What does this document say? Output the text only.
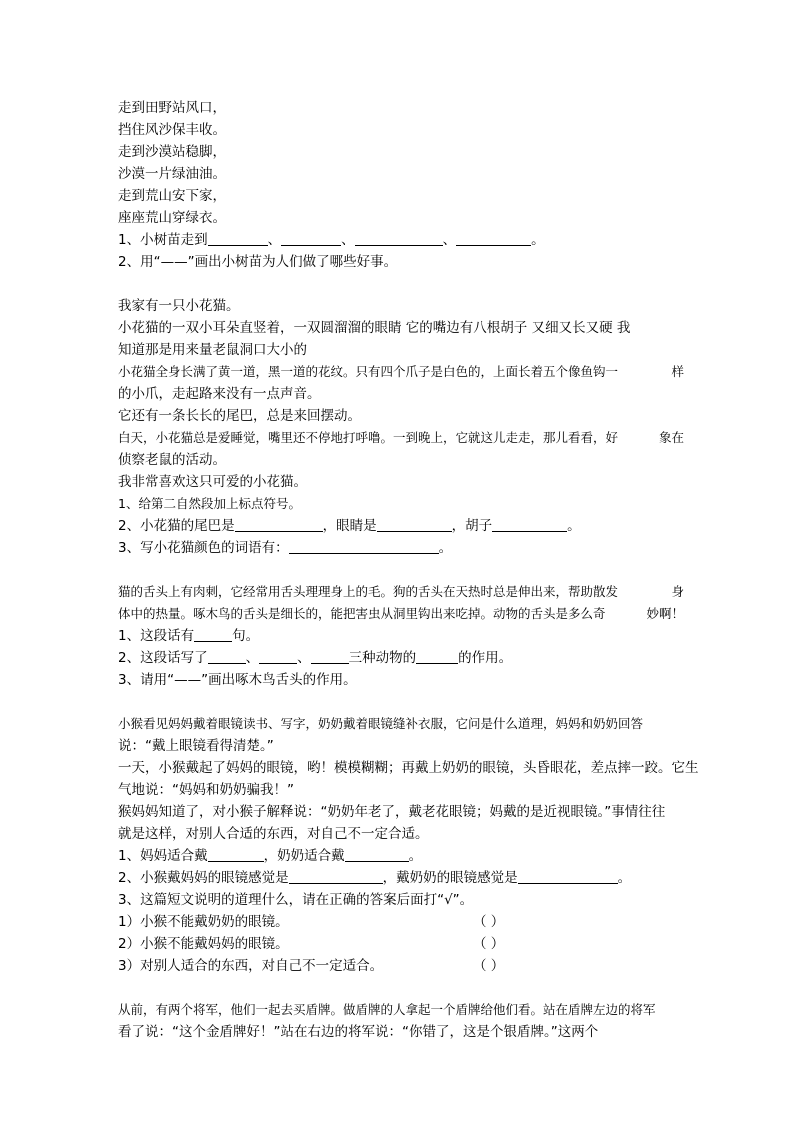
走到田野站风口，
挡住风沙保丰收。
走到沙漠站稳脚，
沙漠一片绿油油。
走到荒山安下家，
座座荒山穿绿衣。
1、小树苗走到	、	、	、	。
2、用“——”画出小树苗为人们做了哪些好事。
我家有一只小花猫。
小花猫的一双小耳朵直竖着，一双圆溜溜的眼睛 它的嘴边有八根胡子 又细又长又硬 我
知道那是用来量老鼠洞口大小的
小花猫全身长满了黄一道，黑一道的花纹。只有四个爪子是白色的，上面长着五个像鱼钩一	样
的小爪，走起路来没有一点声音。
它还有一条长长的尾巴，总是来回摆动。
白天，小花猫总是爱睡觉，嘴里还不停地打呼噜。一到晚上，它就这儿走走，那儿看看，好	象在
侦察老鼠的活动。
我非常喜欢这只可爱的小花猫。
1、给第二自然段加上标点符号。
2、小花猫的尾巴是	，眼睛是	，胡子	。
3、写小花猫颜色的词语有：	。
猫的舌头上有肉刺，它经常用舌头理理身上的毛。狗的舌头在天热时总是伸出来，帮助散发	身
体中的热量。啄木鸟的舌头是细长的，能把害虫从洞里钩出来吃掉。动物的舌头是多么奇	妙啊！
1、这段话有	句。
2、这段话写了	、	、	三种动物的	的作用。
3、请用“——”画出啄木鸟舌头的作用。
小猴看见妈妈戴着眼镜读书、写字，奶奶戴着眼镜缝补衣服，它问是什么道理，妈妈和奶奶回答
说：“戴上眼镜看得清楚。”
一天，小猴戴起了妈妈的眼镜，哟！模模糊糊；再戴上奶奶的眼镜，头昏眼花，差点摔一跤。它生
气地说：“妈妈和奶奶骗我！”
猴妈妈知道了，对小猴子解释说：“奶奶年老了，戴老花眼镜；妈戴的是近视眼镜。”事情往往
就是这样，对别人合适的东西，对自己不一定合适。
1、妈妈适合戴	，奶奶适合戴	。
2、小猴戴妈妈的眼镜感觉是	，戴奶奶的眼镜感觉是	。
3、这篇短文说明的道理什么，请在正确的答案后面打“√”。
1）小猴不能戴奶奶的眼镜。	（ ）
2）小猴不能戴妈妈的眼镜。	（ ）
3）对别人适合的东西，对自己不一定适合。	（ ）
从前，有两个将军，他们一起去买盾牌。做盾牌的人拿起一个盾牌给他们看。站在盾牌左边的将军
看了说：“这个金盾牌好！”站在右边的将军说：“你错了，这是个银盾牌。”这两个
